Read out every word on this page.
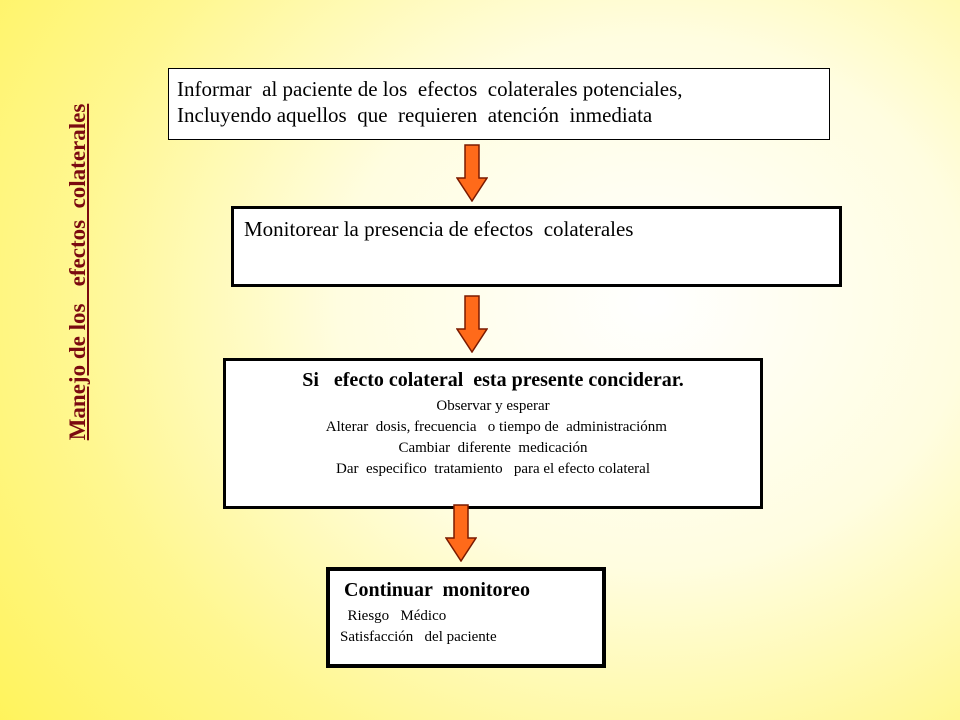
Manejo de los   efectos  colaterales
Informar  al paciente de los  efectos  colaterales potenciales,
Incluyendo aquellos  que  requieren  atención  inmediata
Monitorear la presencia de efectos  colaterales
Si   efecto colateral  esta presente conciderar.
Observar y esperar
Alterar  dosis, frecuencia   o tiempo de  administraciónm
Cambiar  diferente  medicación
Dar  especifico  tratamiento   para el efecto colateral
Continuar  monitoreo
Riesgo   Médico
Satisfacción   del paciente
